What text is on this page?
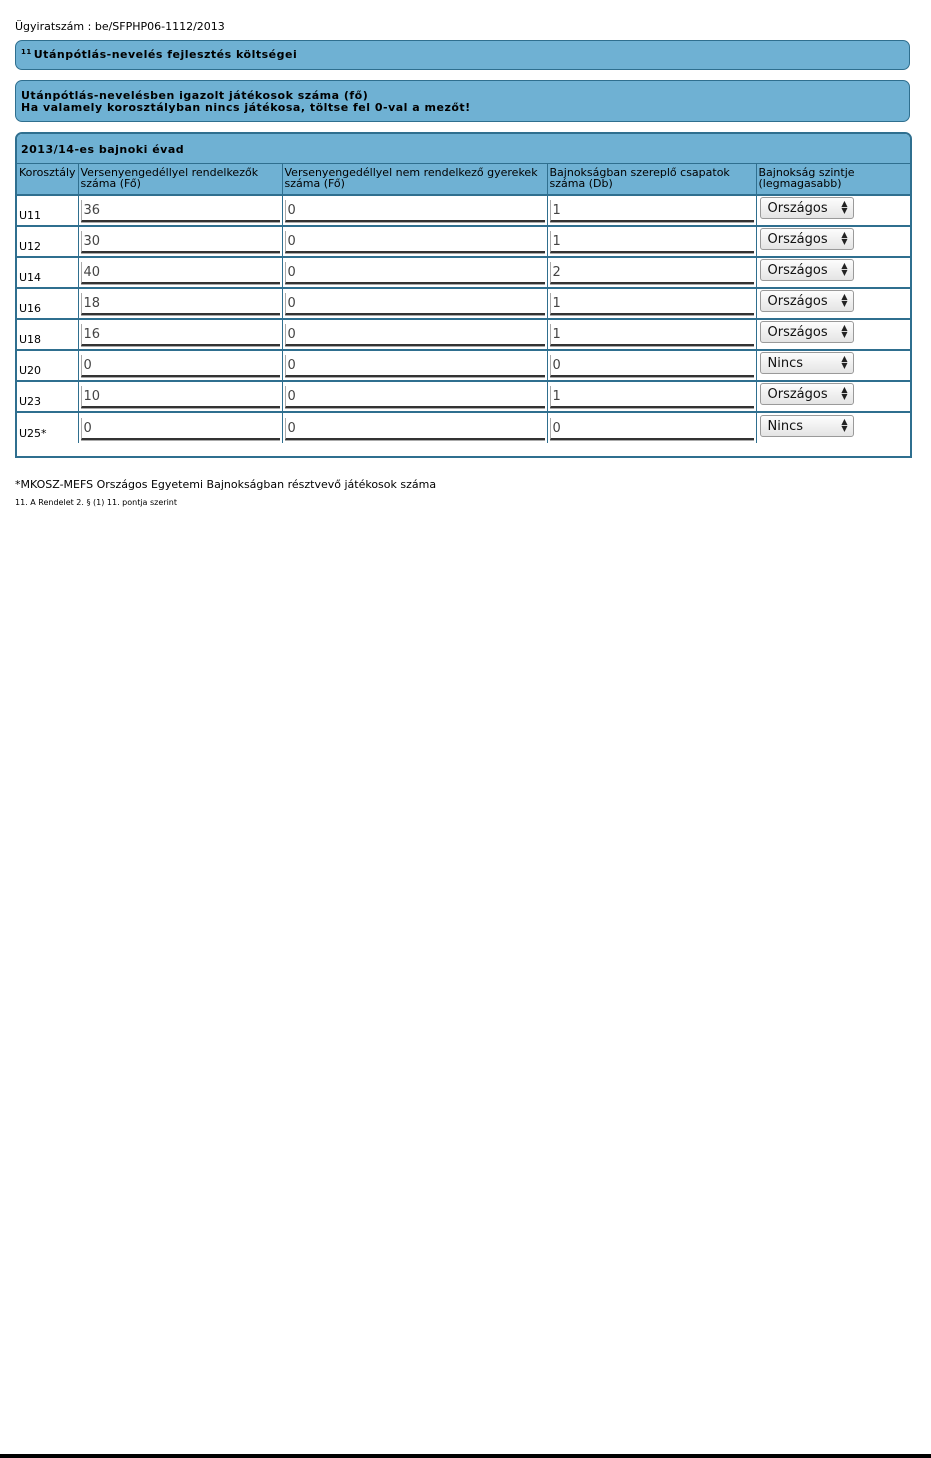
Ügyiratszám : be/SFPHP06-1112/2013
$^{11}$ Utánpótlás-nevelés fejlesztés költségei
Utánpótlás-nevelésben igazolt játékosok száma (fő)
Ha valamely korosztályban nincs játékosa, töltse fel 0-val a mezőt!
2013/14-es bajnoki évad
Korosztály	Versenyengedéllyel rendelkezők száma (Fő)	Versenyengedéllyel nem rendelkező gyerekek száma (Fő)	Bajnokságban szereplő csapatok száma (Db)	Bajnokság szintje (legmagasabb)
U11	36	0	1	Országos ▲
▼

U12	30	0	1	Országos ▲
▼

U14	40	0	2	Országos ▲
▼

U16	18	0	1	Országos ▲
▼

U18	16	0	1	Országos ▲
▼

U20	0	0	0	Nincs ▲
▼

U23	10	0	1	Országos ▲
▼

U25*	0	0	0	Nincs ▲
▼
*MKOSZ-MEFS Országos Egyetemi Bajnokságban résztvevő játékosok száma
11. A Rendelet 2. § (1) 11. pontja szerint
